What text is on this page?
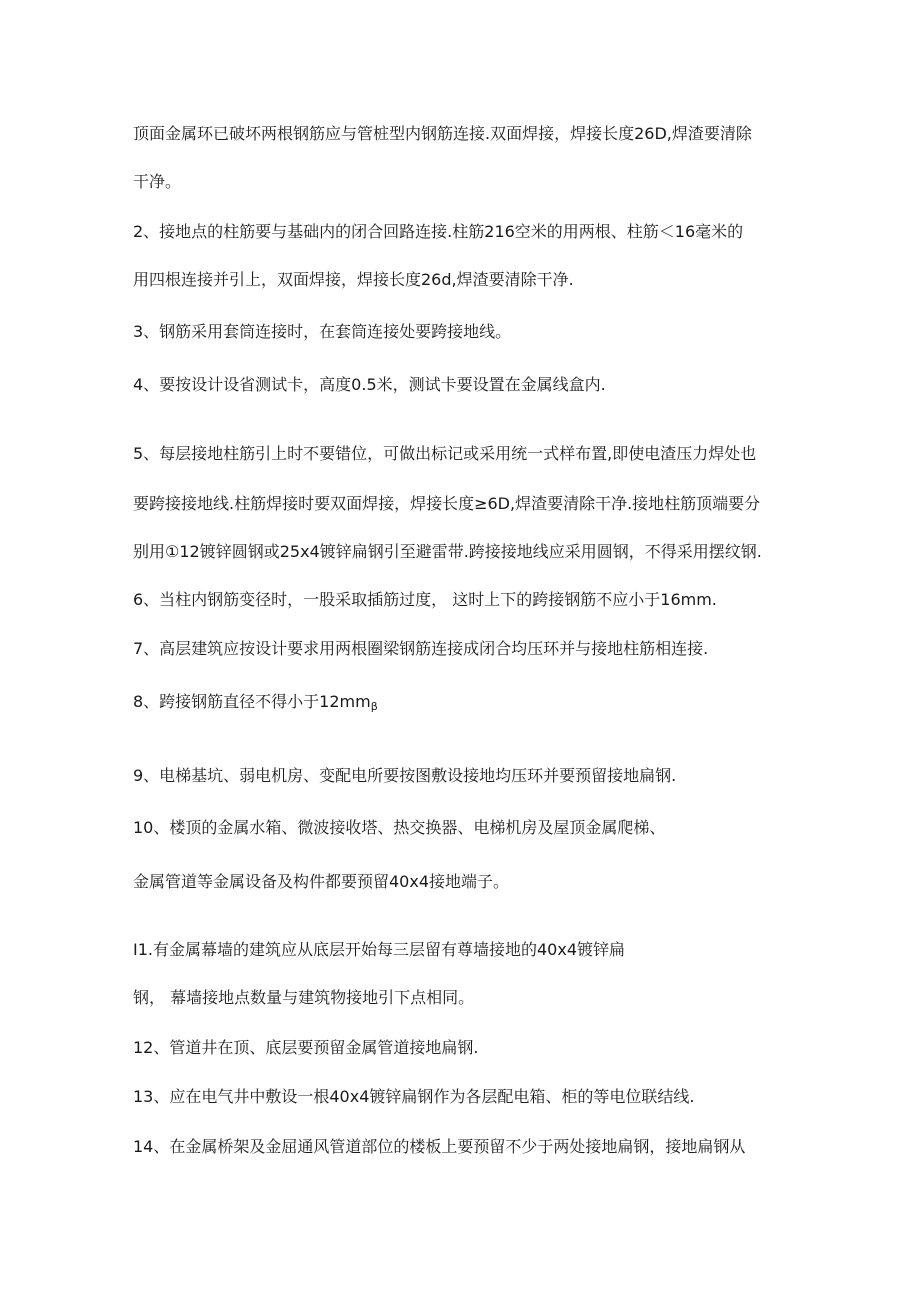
顶面金属环已破坏两根钢筋应与管桩型内钢筋连接.双面焊接，焊接长度26D,焊渣要清除
干净。
2、接地点的柱筋要与基础内的闭合回路连接.柱筋216空米的用两根、柱筋＜16毫米的
用四根连接并引上，双面焊接，焊接长度26d,焊渣要清除干净.
3、钢筋采用套筒连接时，在套筒连接处要跨接地线。
4、要按设计设省测试卡，高度0.5米，测试卡要设置在金属线盒内.
5、每层接地柱筋引上时不要错位，可做出标记或采用统一式样布置,即使电渣压力焊处也
要跨接接地线.柱筋焊接时要双面焊接，焊接长度≥6D,焊渣要清除干净.接地柱筋顶端要分
别用①12镀锌圆钢或25x4镀锌扁钢引至避雷带.跨接接地线应采用圆钢，不得采用摆纹钢.
6、当柱内钢筋变径时，一股采取插筋过度， 这时上下的跨接钢筋不应小于16mm.
7、高层建筑应按设计要求用两根圈梁钢筋连接成闭合均压环并与接地柱筋相连接.
8、跨接钢筋直径不得小于12mmβ
9、电梯基坑、弱电机房、变配电所要按图敷设接地均压环并要预留接地扁钢.
10、楼顶的金属水箱、微波接收塔、热交换器、电梯机房及屋顶金属爬梯、
金属管道等金属设备及构件都要预留40x4接地端子。
I1.有金属幕墙的建筑应从底层开始每三层留有尊墙接地的40x4镀锌扁
钢， 幕墙接地点数量与建筑物接地引下点相同。
12、管道井在顶、底层要预留金属管道接地扁钢.
13、应在电气井中敷设一根40x4镀锌扁钢作为各层配电箱、柜的等电位联结线.
14、在金属桥架及金屈通风管道部位的楼板上要预留不少于两处接地扁钢，接地扁钢从
